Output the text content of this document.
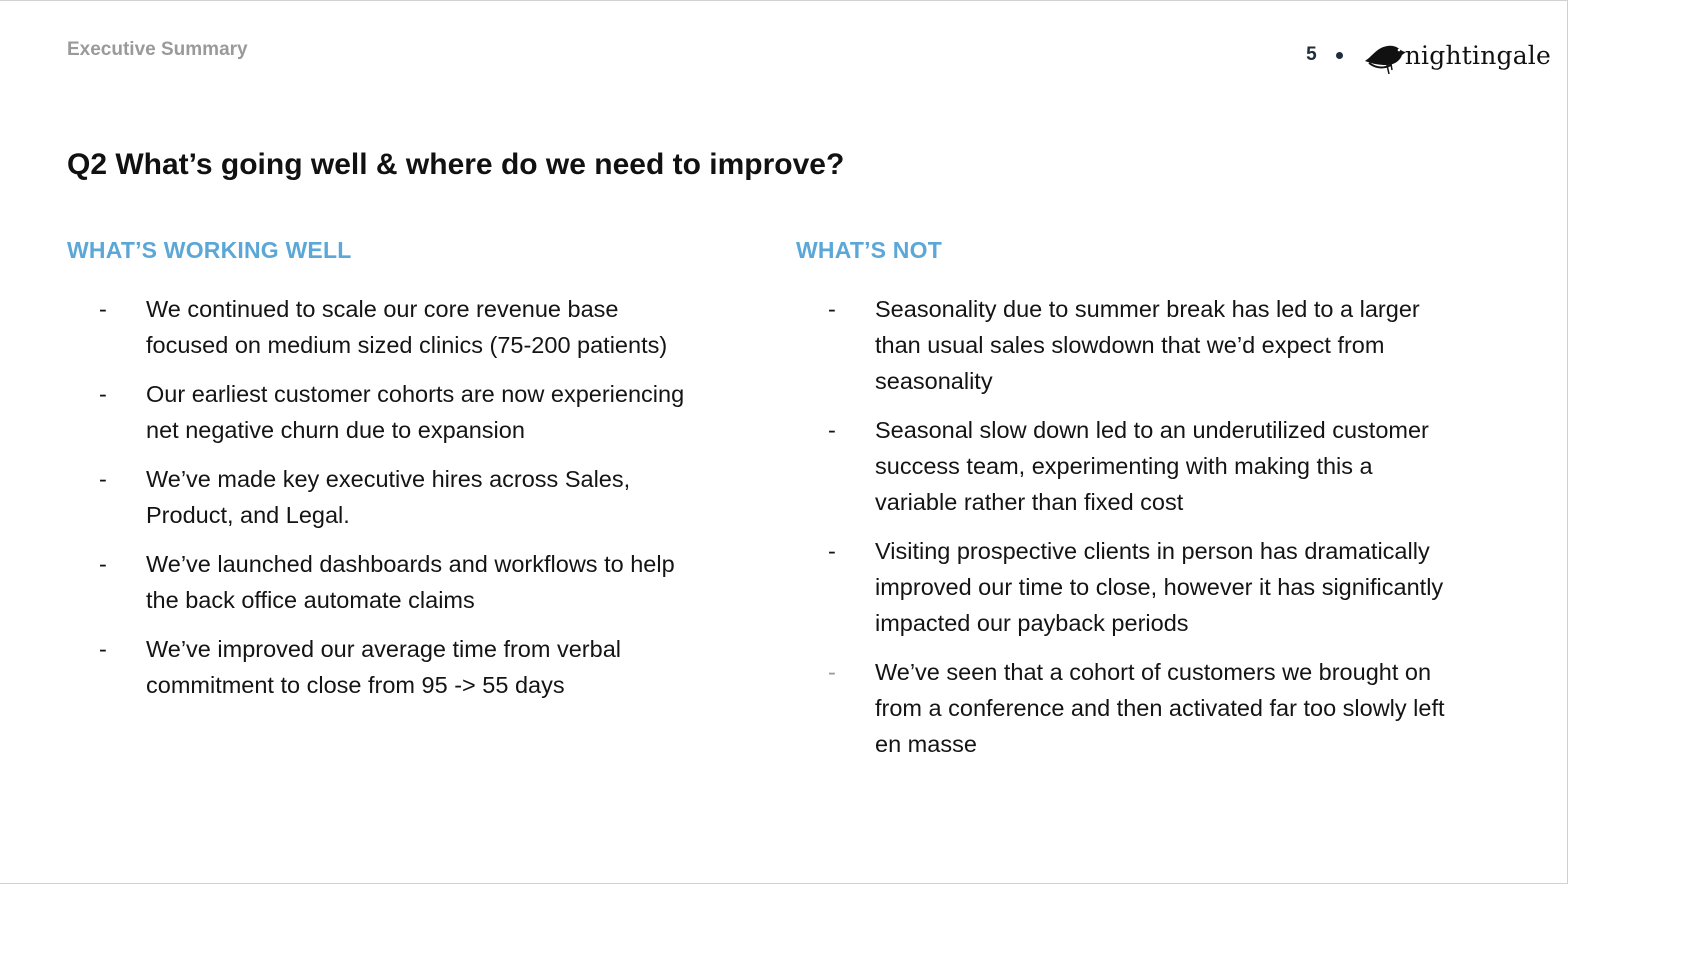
Executive Summary	5	nightingale
Q2 What’s going well & where do we need to improve?
WHAT’S WORKING WELL
-	We continued to scale our core revenue base focused on medium sized clinics (75-200 patients)
-	Our earliest customer cohorts are now experiencing net negative churn due to expansion
-	We’ve made key executive hires across Sales, Product, and Legal.
-	We’ve launched dashboards and workflows to help the back office automate claims
-	We’ve improved our average time from verbal commitment to close from 95 -> 55 days
WHAT’S NOT
-	Seasonality due to summer break has led to a larger than usual sales slowdown that we’d expect from seasonality
-	Seasonal slow down led to an underutilized customer success team, experimenting with making this a variable rather than fixed cost
-	Visiting prospective clients in person has dramatically improved our time to close, however it has significantly impacted our payback periods
-	We’ve seen that a cohort of customers we brought on from a conference and then activated far too slowly left en masse
